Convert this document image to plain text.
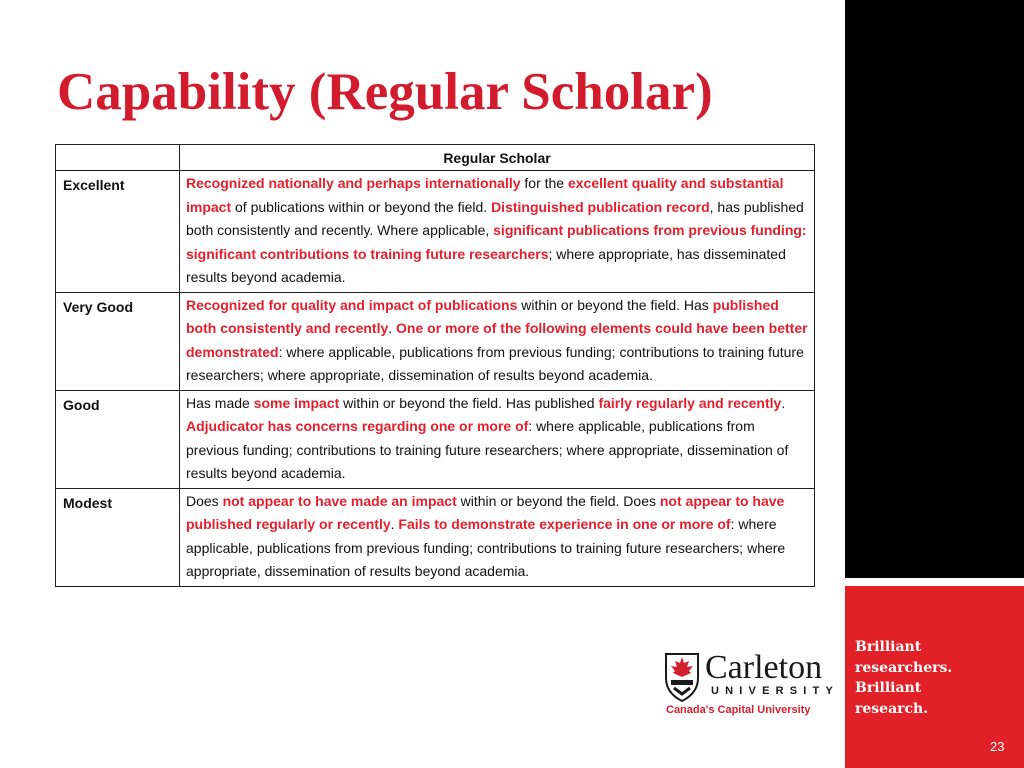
Capability (Regular Scholar)
	Regular Scholar
Excellent	Recognized nationally and perhaps internationally for the excellent quality and substantial impact of publications within or beyond the field. Distinguished publication record, has published both consistently and recently. Where applicable, significant publications from previous funding: significant contributions to training future researchers; where appropriate, has disseminated results beyond academia.
Very Good	Recognized for quality and impact of publications within or beyond the field. Has published both consistently and recently. One or more of the following elements could have been better demonstrated: where applicable, publications from previous funding; contributions to training future researchers; where appropriate, dissemination of results beyond academia.
Good	Has made some impact within or beyond the field. Has published fairly regularly and recently. Adjudicator has concerns regarding one or more of: where applicable, publications from previous funding; contributions to training future researchers; where appropriate, dissemination of results beyond academia.
Modest	Does not appear to have made an impact within or beyond the field. Does not appear to have published regularly or recently. Fails to demonstrate experience in one or more of: where applicable, publications from previous funding; contributions to training future researchers; where appropriate, dissemination of results beyond academia.
Brilliant
researchers.
Brilliant
research.
23
Carleton
UNIVERSITY
Canada's Capital University
